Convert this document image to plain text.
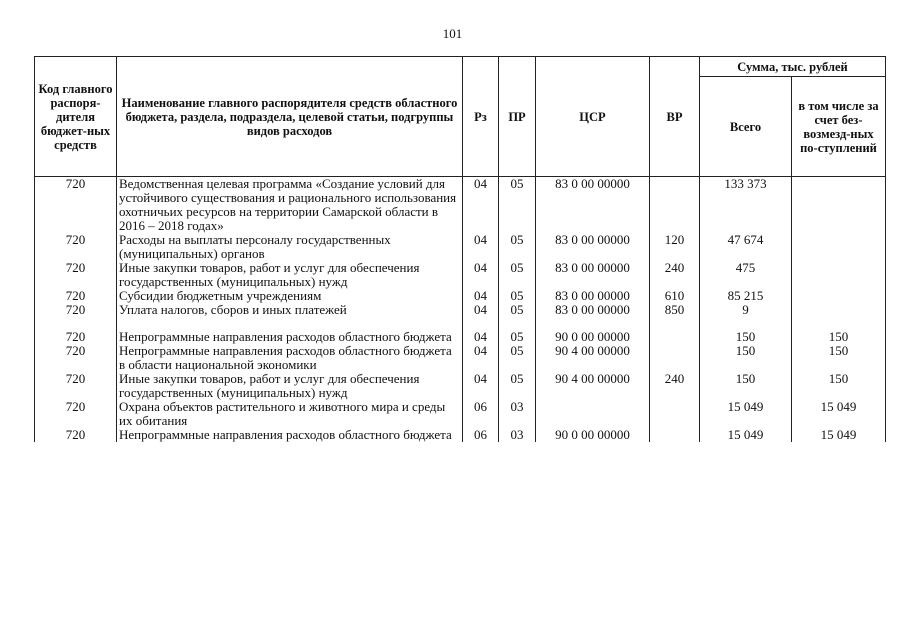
101
Код главного распоря-дителя бюджет-ных средств	Наименование главного распорядителя средств областного бюджета, раздела, подраздела, целевой статьи, подгруппы видов расходов	Рз	ПР	ЦСР	ВР	Сумма, тыс. рублей	
						Всего	в том числе за счет без-возмезд-ных по-ступлений
720	Ведомственная целевая программа «Создание условий для устойчивого существования и рационального использования охотничьих ресурсов на территории Самарской области в 2016 – 2018 годах»	04	05	83 0 00 00000		133 373	
720	Расходы на выплаты персоналу государственных (муниципальных) органов	04	05	83 0 00 00000	120	47 674	
720	Иные закупки товаров, работ и услуг для обеспечения государственных (муниципальных) нужд	04	05	83 0 00 00000	240	475	
720	Субсидии бюджетным учреждениям	04	05	83 0 00 00000	610	85 215	
720	Уплата налогов, сборов и иных платежей	04	05	83 0 00 00000	850	9	
720	Непрограммные направления расходов областного бюджета	04	05	90 0 00 00000		150	150
720	Непрограммные направления расходов областного бюджета в области национальной экономики	04	05	90 4 00 00000		150	150
720	Иные закупки товаров, работ и услуг для обеспечения государственных (муниципальных) нужд	04	05	90 4 00 00000	240	150	150
720	Охрана объектов растительного и животного мира и среды их обитания	06	03			15 049	15 049
720	Непрограммные направления расходов областного бюджета	06	03	90 0 00 00000		15 049	15 049
